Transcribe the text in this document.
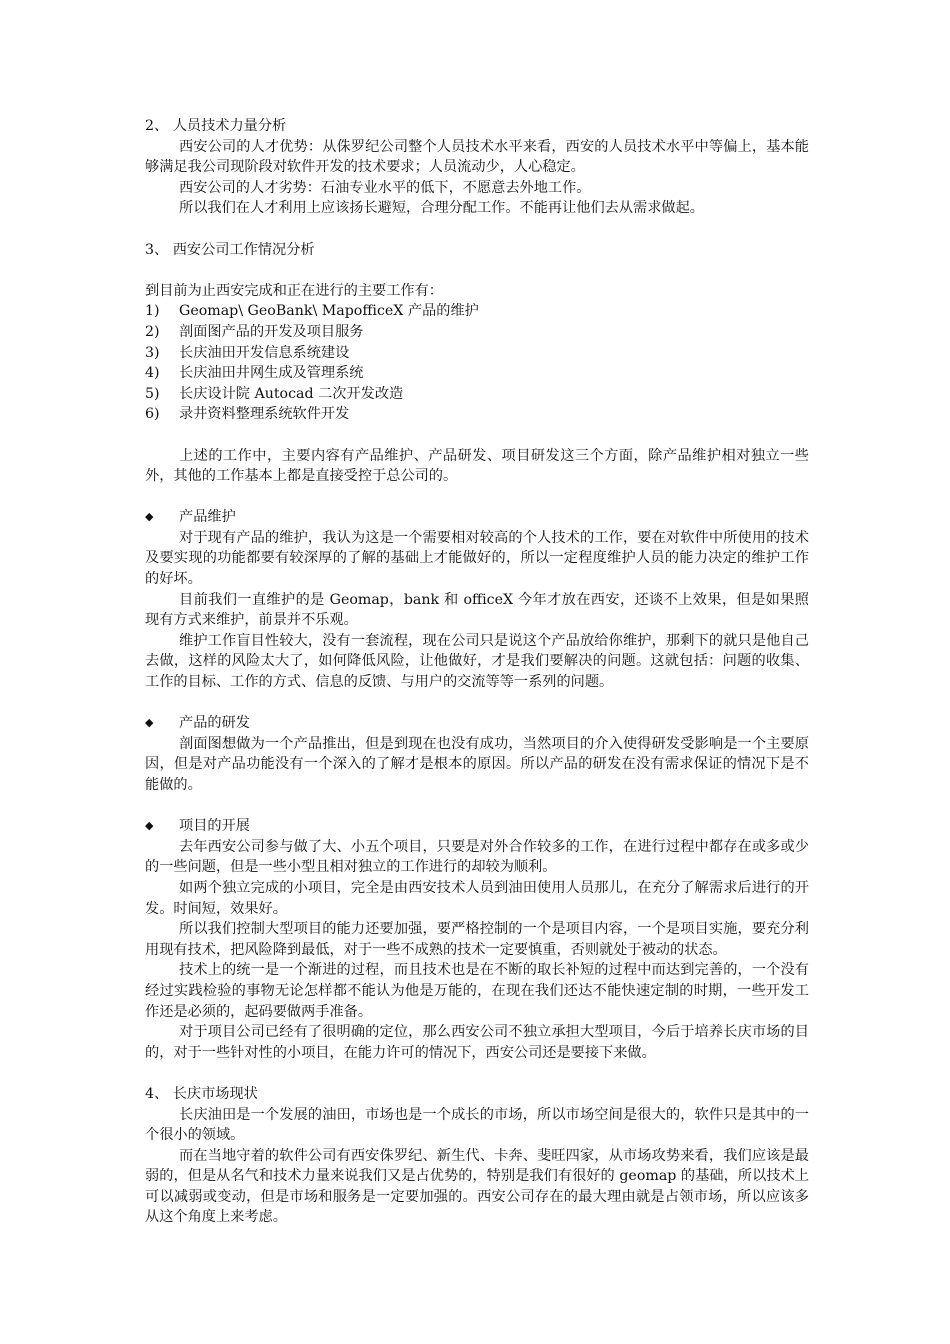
2、 人员技术力量分析

西安公司的人才优势：从侏罗纪公司整个人员技术水平来看，西安的人员技术水平中等偏上，基本能够满足我公司现阶段对软件开发的技术要求；人员流动少，人心稳定。

西安公司的人才劣势：石油专业水平的低下，不愿意去外地工作。

所以我们在人才利用上应该扬长避短，合理分配工作。不能再让他们去从需求做起。

3、 西安公司工作情况分析

到目前为止西安完成和正在进行的主要工作有：

1)	Geomap\ GeoBank\ MapofficeX 产品的维护
2)	剖面图产品的开发及项目服务
3)	长庆油田开发信息系统建设
4)	长庆油田井网生成及管理系统
5)	长庆设计院 Autocad 二次开发改造
6)	录井资料整理系统软件开发

上述的工作中，主要内容有产品维护、产品研发、项目研发这三个方面，除产品维护相对独立一些外，其他的工作基本上都是直接受控于总公司的。

◆	产品维护

对于现有产品的维护，我认为这是一个需要相对较高的个人技术的工作，要在对软件中所使用的技术及要实现的功能都要有较深厚的了解的基础上才能做好的，所以一定程度维护人员的能力决定的维护工作的好坏。

目前我们一直维护的是 Geomap，bank 和 officeX 今年才放在西安，还谈不上效果，但是如果照现有方式来维护，前景并不乐观。

维护工作盲目性较大，没有一套流程，现在公司只是说这个产品放给你维护，那剩下的就只是他自己去做，这样的风险太大了，如何降低风险，让他做好，才是我们要解决的问题。这就包括：问题的收集、工作的目标、工作的方式、信息的反馈、与用户的交流等等一系列的问题。

◆	产品的研发

剖面图想做为一个产品推出，但是到现在也没有成功，当然项目的介入使得研发受影响是一个主要原因，但是对产品功能没有一个深入的了解才是根本的原因。所以产品的研发在没有需求保证的情况下是不能做的。

◆	项目的开展

去年西安公司参与做了大、小五个项目，只要是对外合作较多的工作，在进行过程中都存在或多或少的一些问题，但是一些小型且相对独立的工作进行的却较为顺利。

如两个独立完成的小项目，完全是由西安技术人员到油田使用人员那儿，在充分了解需求后进行的开发。时间短，效果好。

所以我们控制大型项目的能力还要加强，要严格控制的一个是项目内容，一个是项目实施，要充分利用现有技术，把风险降到最低，对于一些不成熟的技术一定要慎重，否则就处于被动的状态。

技术上的统一是一个渐进的过程，而且技术也是在不断的取长补短的过程中而达到完善的，一个没有经过实践检验的事物无论怎样都不能认为他是万能的，在现在我们还达不能快速定制的时期，一些开发工作还是必须的，起码要做两手准备。

对于项目公司已经有了很明确的定位，那么西安公司不独立承担大型项目，今后于培养长庆市场的目的，对于一些针对性的小项目，在能力许可的情况下，西安公司还是要接下来做。

4、 长庆市场现状

长庆油田是一个发展的油田，市场也是一个成长的市场，所以市场空间是很大的，软件只是其中的一个很小的领域。

而在当地守着的软件公司有西安侏罗纪、新生代、卡奔、斐旺四家，从市场攻势来看，我们应该是最弱的，但是从名气和技术力量来说我们又是占优势的，特别是我们有很好的 geomap 的基础，所以技术上可以减弱或变动，但是市场和服务是一定要加强的。西安公司存在的最大理由就是占领市场，所以应该多从这个角度上来考虑。
